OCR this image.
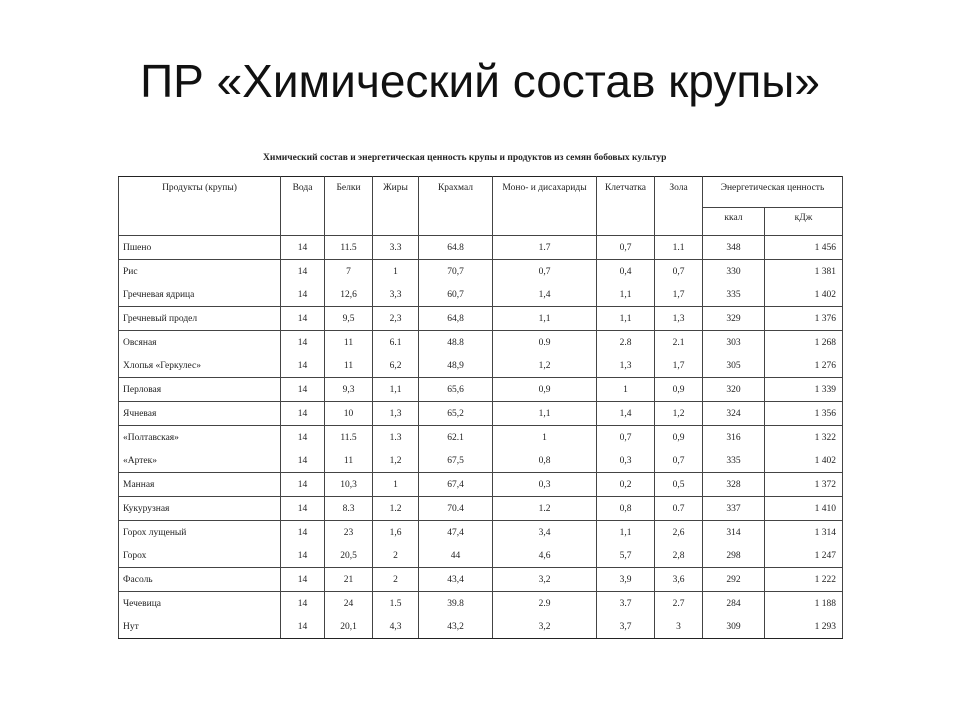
ПР «Химический состав крупы»
Химический состав и энергетическая ценность крупы и продуктов из семян бобовых культур
Продукты (крупы)	Вода	Белки	Жиры	Крахмал	Моно- и дисахариды	Клетчатка	Зола	Энергетическая ценность	
								ккал	кДж
Пшено	14	11.5	3.3	64.8	1.7	0,7	1.1	348	1 456
Рис	14	7	1	70,7	0,7	0,4	0,7	330	1 381
Гречневая ядрица	14	12,6	3,3	60,7	1,4	1,1	1,7	335	1 402
Гречневый продел	14	9,5	2,3	64,8	1,1	1,1	1,3	329	1 376
Овсяная	14	11	6.1	48.8	0.9	2.8	2.1	303	1 268
Хлопья «Геркулес»	14	11	6,2	48,9	1,2	1,3	1,7	305	1 276
Перловая	14	9,3	1,1	65,6	0,9	1	0,9	320	1 339
Ячневая	14	10	1,3	65,2	1,1	1,4	1,2	324	1 356
«Полтавская»	14	11.5	1.3	62.1	1	0,7	0,9	316	1 322
«Артек»	14	11	1,2	67,5	0,8	0,3	0,7	335	1 402
Манная	14	10,3	1	67,4	0,3	0,2	0,5	328	1 372
Кукурузная	14	8.3	1.2	70.4	1.2	0,8	0.7	337	1 410
Горох лущеный	14	23	1,6	47,4	3,4	1,1	2,6	314	1 314
Горох	14	20,5	2	44	4,6	5,7	2,8	298	1 247
Фасоль	14	21	2	43,4	3,2	3,9	3,6	292	1 222
Чечевица	14	24	1.5	39.8	2.9	3.7	2.7	284	1 188
Нут	14	20,1	4,3	43,2	3,2	3,7	3	309	1 293
